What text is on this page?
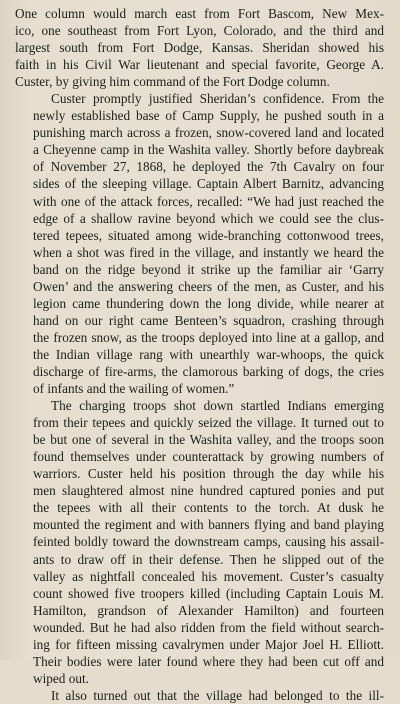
One column would march east from Fort Bascom, New Mex-
ico, one southeast from Fort Lyon, Colorado, and the third and
largest south from Fort Dodge, Kansas. Sheridan showed his
faith in his Civil War lieutenant and special favorite, George A.
Custer, by giving him command of the Fort Dodge column.
Custer promptly justified Sheridan’s confidence. From the
newly established base of Camp Supply, he pushed south in a
punishing march across a frozen, snow-covered land and located
a Cheyenne camp in the Washita valley. Shortly before daybreak
of November 27, 1868, he deployed the 7th Cavalry on four
sides of the sleeping village. Captain Albert Barnitz, advancing
with one of the attack forces, recalled: “We had just reached the
edge of a shallow ravine beyond which we could see the clus-
tered tepees, situated among wide-branching cottonwood trees,
when a shot was fired in the village, and instantly we heard the
band on the ridge beyond it strike up the familiar air ‘Garry
Owen’ and the answering cheers of the men, as Custer, and his
legion came thundering down the long divide, while nearer at
hand on our right came Benteen’s squadron, crashing through
the frozen snow, as the troops deployed into line at a gallop, and
the Indian village rang with unearthly war-whoops, the quick
discharge of fire-arms, the clamorous barking of dogs, the cries
of infants and the wailing of women.”
The charging troops shot down startled Indians emerging
from their tepees and quickly seized the village. It turned out to
be but one of several in the Washita valley, and the troops soon
found themselves under counterattack by growing numbers of
warriors. Custer held his position through the day while his
men slaughtered almost nine hundred captured ponies and put
the tepees with all their contents to the torch. At dusk he
mounted the regiment and with banners flying and band playing
feinted boldly toward the downstream camps, causing his assail-
ants to draw off in their defense. Then he slipped out of the
valley as nightfall concealed his movement. Custer’s casualty
count showed five troopers killed (including Captain Louis M.
Hamilton, grandson of Alexander Hamilton) and fourteen
wounded. But he had also ridden from the field without search-
ing for fifteen missing cavalrymen under Major Joel H. Elliott.
Their bodies were later found where they had been cut off and
wiped out.
It also turned out that the village had belonged to the ill-
